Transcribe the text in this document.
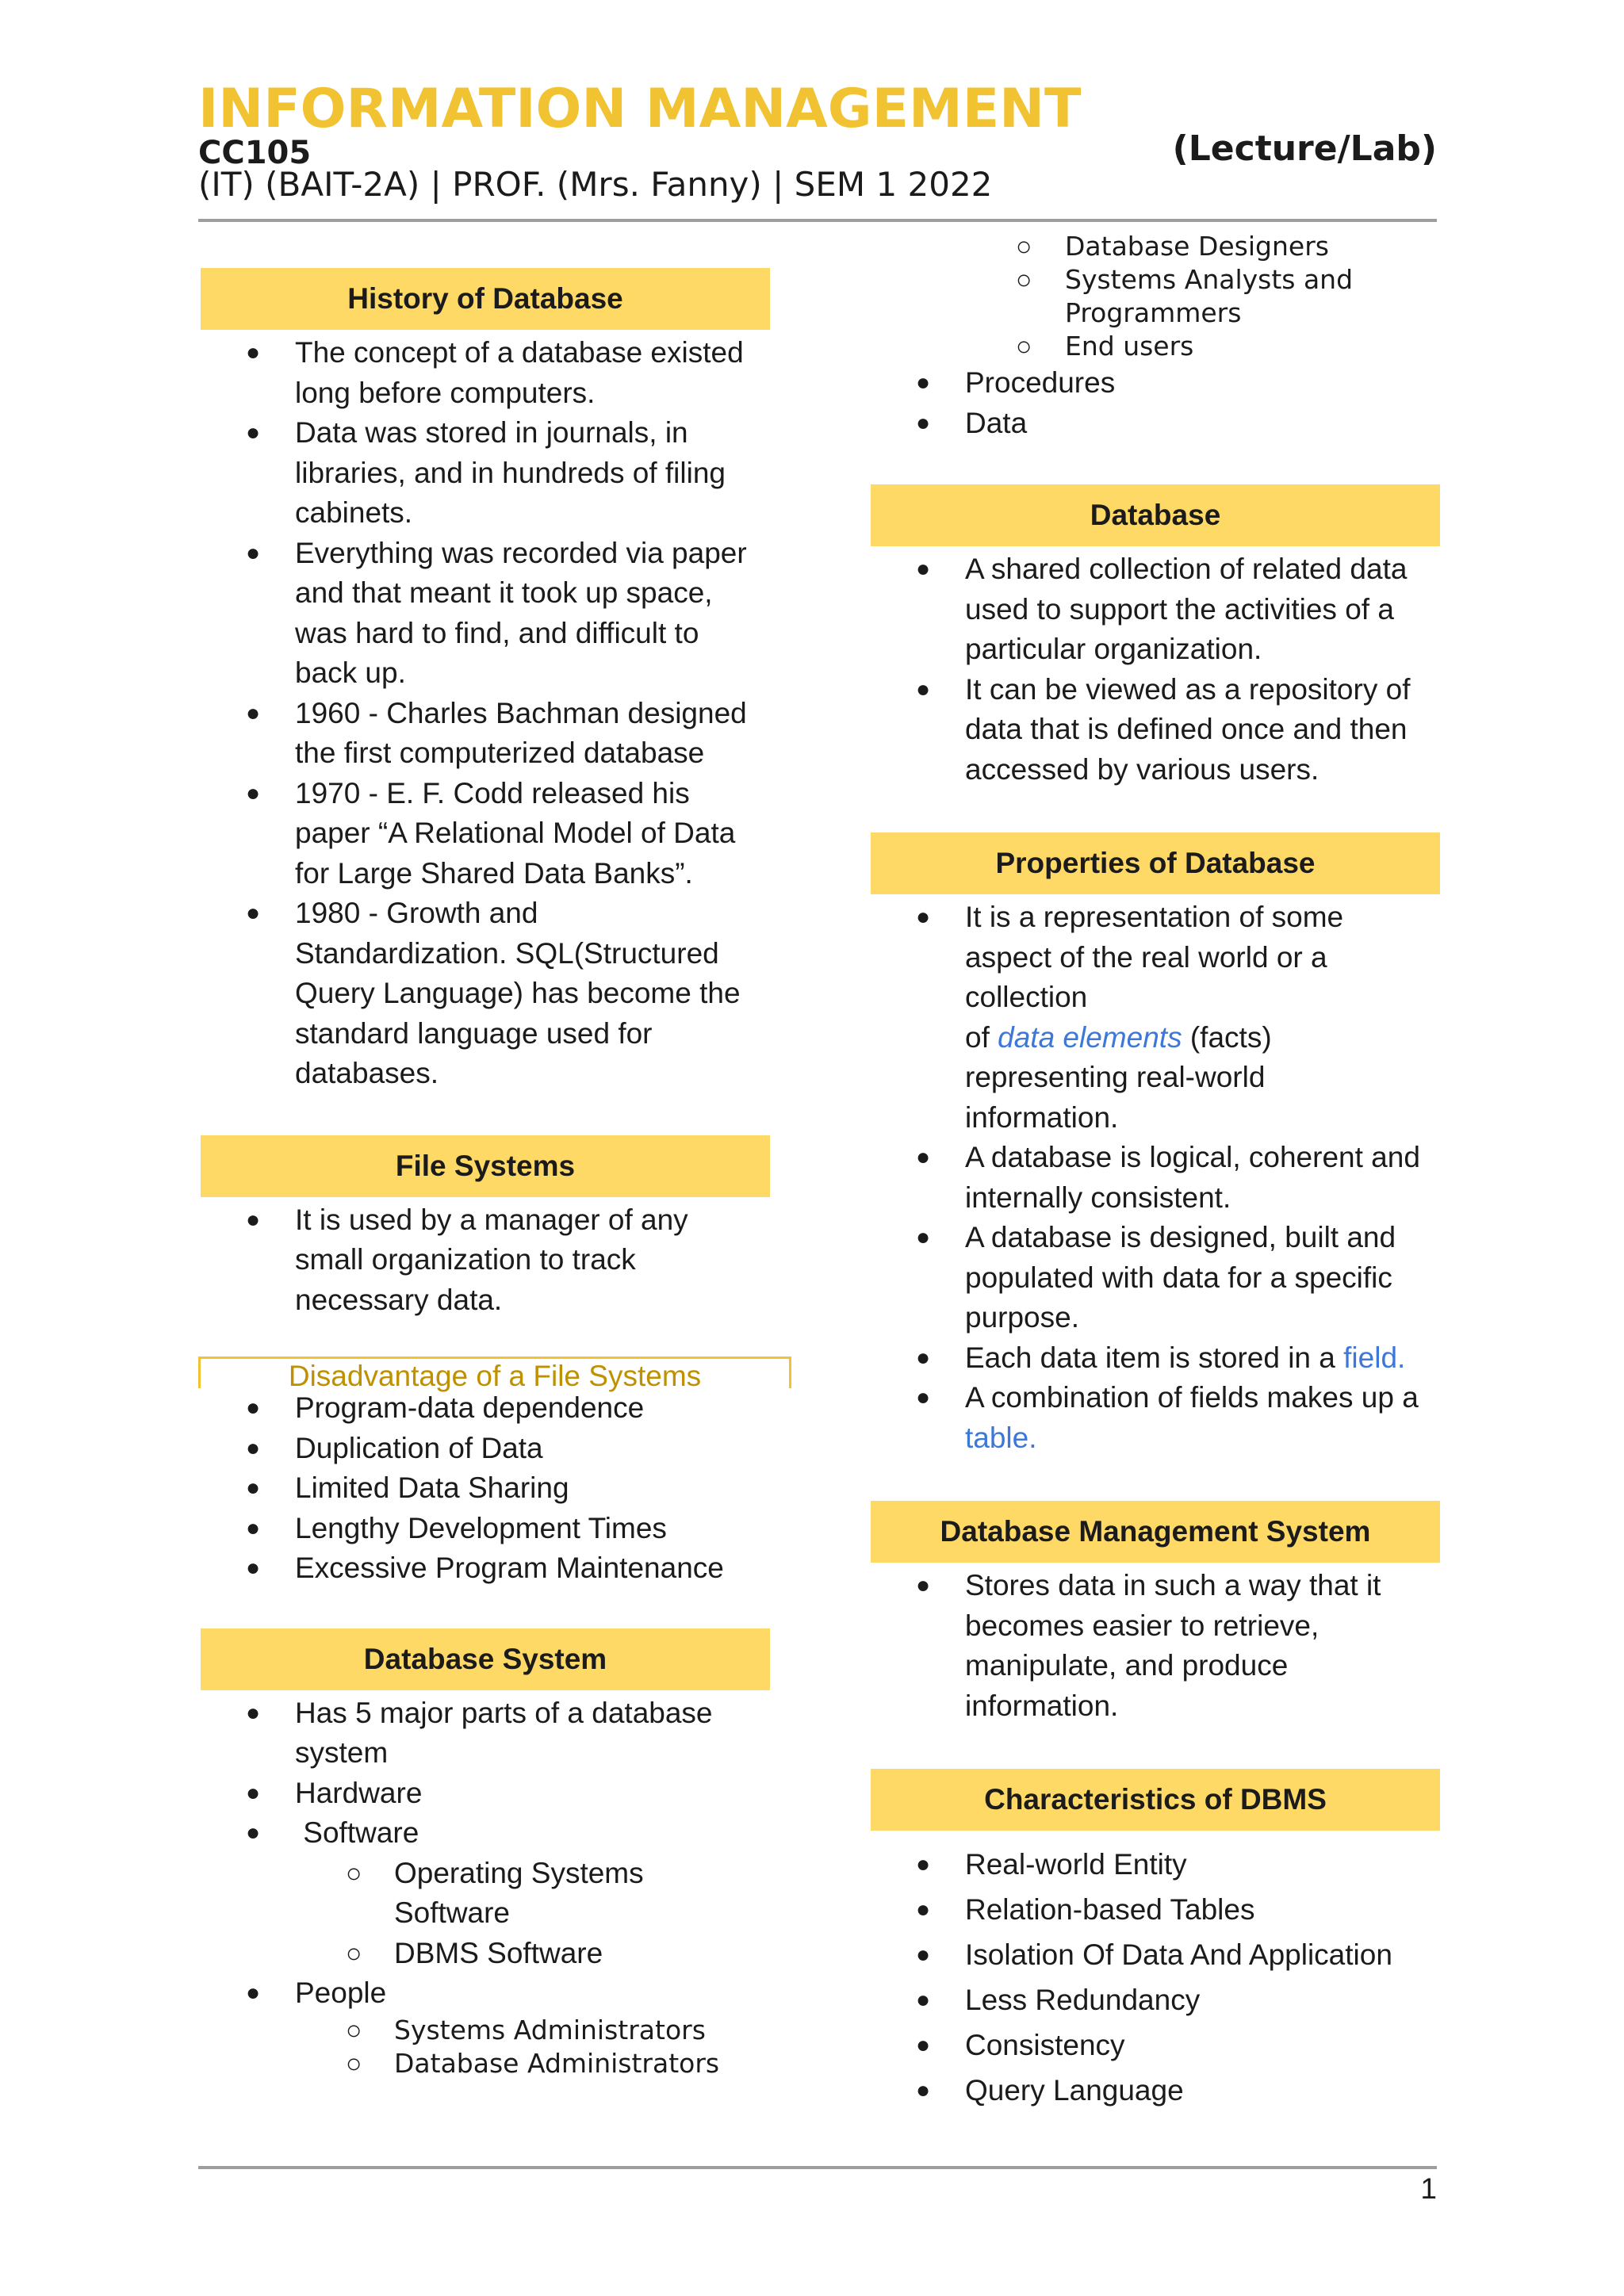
INFORMATION MANAGEMENT
CC105	(Lecture/Lab)
(IT) (BAIT-2A) | PROF. (Mrs. Fanny) | SEM 1 2022
History of Database
● The concept of a database existed
long before computers.
● Data was stored in journals, in
libraries, and in hundreds of filing
cabinets.
● Everything was recorded via paper
and that meant it took up space,
was hard to find, and difficult to
back up.
● 1960 - Charles Bachman designed
the first computerized database
● 1970 - E. F. Codd released his
paper “A Relational Model of Data
for Large Shared Data Banks”.
● 1980 - Growth and
Standardization. SQL(Structured
Query Language) has become the
standard language used for
databases.
File Systems
● It is used by a manager of any
small organization to track
necessary data.
Disadvantage of a File Systems
● Program-data dependence
● Duplication of Data
● Limited Data Sharing
● Lengthy Development Times
● Excessive Program Maintenance
Database System
● Has 5 major parts of a database
system
● Hardware
●  Software
○ Operating Systems
Software
○ DBMS Software
● People
○ Systems Administrators
○ Database Administrators
○ Database Designers
○ Systems Analysts and
Programmers
○ End users
● Procedures
● Data
Database
● A shared collection of related data
used to support the activities of a
particular organization.
● It can be viewed as a repository of
data that is defined once and then
accessed by various users.
Properties of Database
● It is a representation of some
aspect of the real world or a
collection
of data elements (facts)
representing real-world
information.
● A database is logical, coherent and
internally consistent.
● A database is designed, built and
populated with data for a specific
purpose.
● Each data item is stored in a field.
● A combination of fields makes up a
table.
Database Management System
● Stores data in such a way that it
becomes easier to retrieve,
manipulate, and produce
information.
Characteristics of DBMS
● Real-world Entity
● Relation-based Tables
● Isolation Of Data And Application
● Less Redundancy
● Consistency
● Query Language
1
